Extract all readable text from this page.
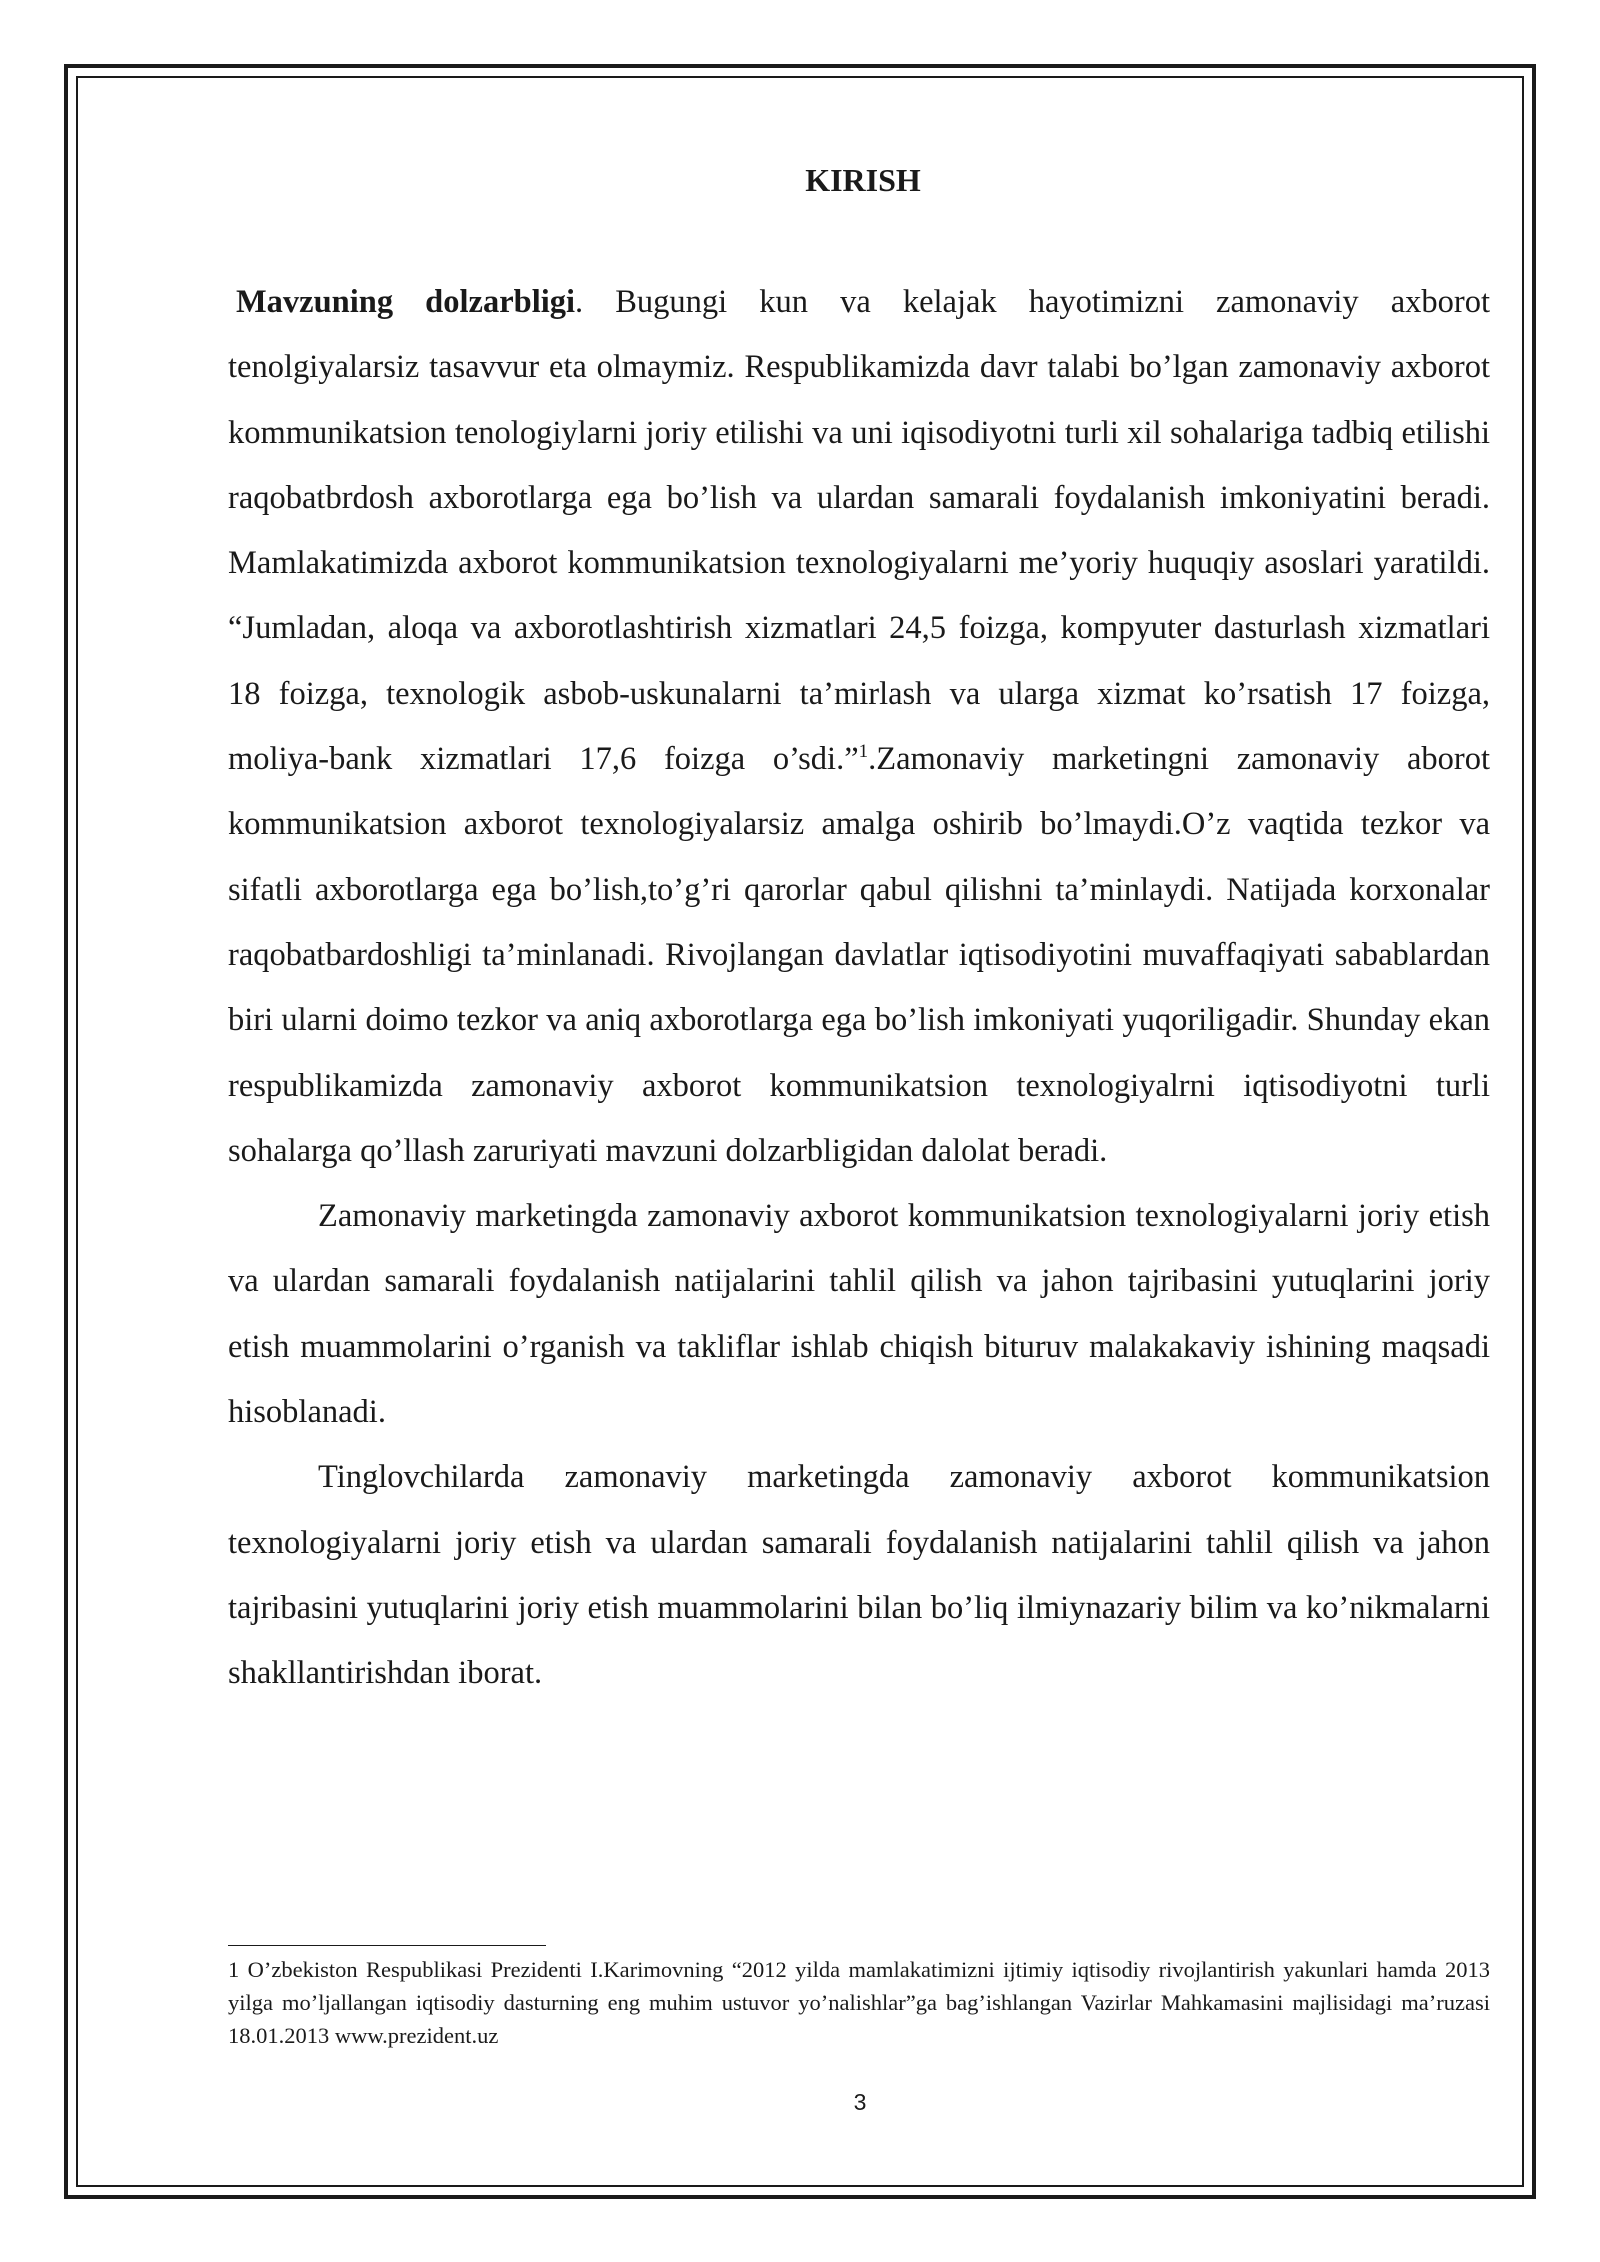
KIRISH

Mavzuning dolzarbligi. Bugungi kun va kelajak hayotimizni zamonaviy axborot tenolgiyalarsiz tasavvur eta olmaymiz. Respublikamizda davr talabi bo’lgan zamonaviy axborot kommunikatsion tenologiylarni joriy etilishi va uni iqisodiyotni turli xil sohalariga tadbiq etilishi raqobatbrdosh axborotlarga ega bo’lish va ulardan samarali foydalanish imkoniyatini beradi. Mamlakatimizda axborot kommunikatsion texnologiyalarni me’yoriy huquqiy asoslari yaratildi. “Jumladan, aloqa va axborotlashtirish xizmatlari 24,5 foizga, kompyuter dasturlash xizmatlari 18 foizga, texnologik asbob-uskunalarni ta’mirlash va ularga xizmat ko’rsatish 17 foizga, moliya-bank xizmatlari 17,6 foizga o’sdi.”$^1$.Zamonaviy marketingni zamonaviy aborot kommunikatsion axborot texnologiyalarsiz amalga oshirib bo’lmaydi.O’z vaqtida tezkor va sifatli axborotlarga ega bo’lish,to’g’ri qarorlar qabul qilishni ta’minlaydi. Natijada korxonalar raqobatbardoshligi ta’minlanadi. Rivojlangan davlatlar iqtisodiyotini muvaffaqiyati sabablardan biri ularni doimo tezkor va aniq axborotlarga ega bo’lish imkoniyati yuqoriligadir. Shunday ekan respublikamizda zamonaviy axborot kommunikatsion texnologiyalrni iqtisodiyotni turli sohalarga qo’llash zaruriyati mavzuni dolzarbligidan dalolat beradi.

Zamonaviy marketingda zamonaviy axborot kommunikatsion texnologiyalarni joriy etish va ulardan samarali foydalanish natijalarini tahlil qilish va jahon tajribasini yutuqlarini joriy etish muammolarini o’rganish va takliflar ishlab chiqish bituruv malakakaviy ishining maqsadi hisoblanadi.

Tinglovchilarda zamonaviy marketingda zamonaviy axborot kommunikatsion texnologiyalarni joriy etish va ulardan samarali foydalanish natijalarini tahlil qilish va jahon tajribasini yutuqlarini joriy etish muammolarini bilan bo’liq ilmiynazariy bilim va ko’nikmalarni shakllantirishdan iborat.

1 O’zbekiston Respublikasi Prezidenti I.Karimovning “2012 yilda mamlakatimizni ijtimiy iqtisodiy rivojlantirish yakunlari hamda 2013 yilga mo’ljallangan iqtisodiy dasturning eng muhim ustuvor yo’nalishlar”ga bag’ishlangan Vazirlar Mahkamasini majlisidagi ma’ruzasi 18.01.2013 www.prezident.uz

3
